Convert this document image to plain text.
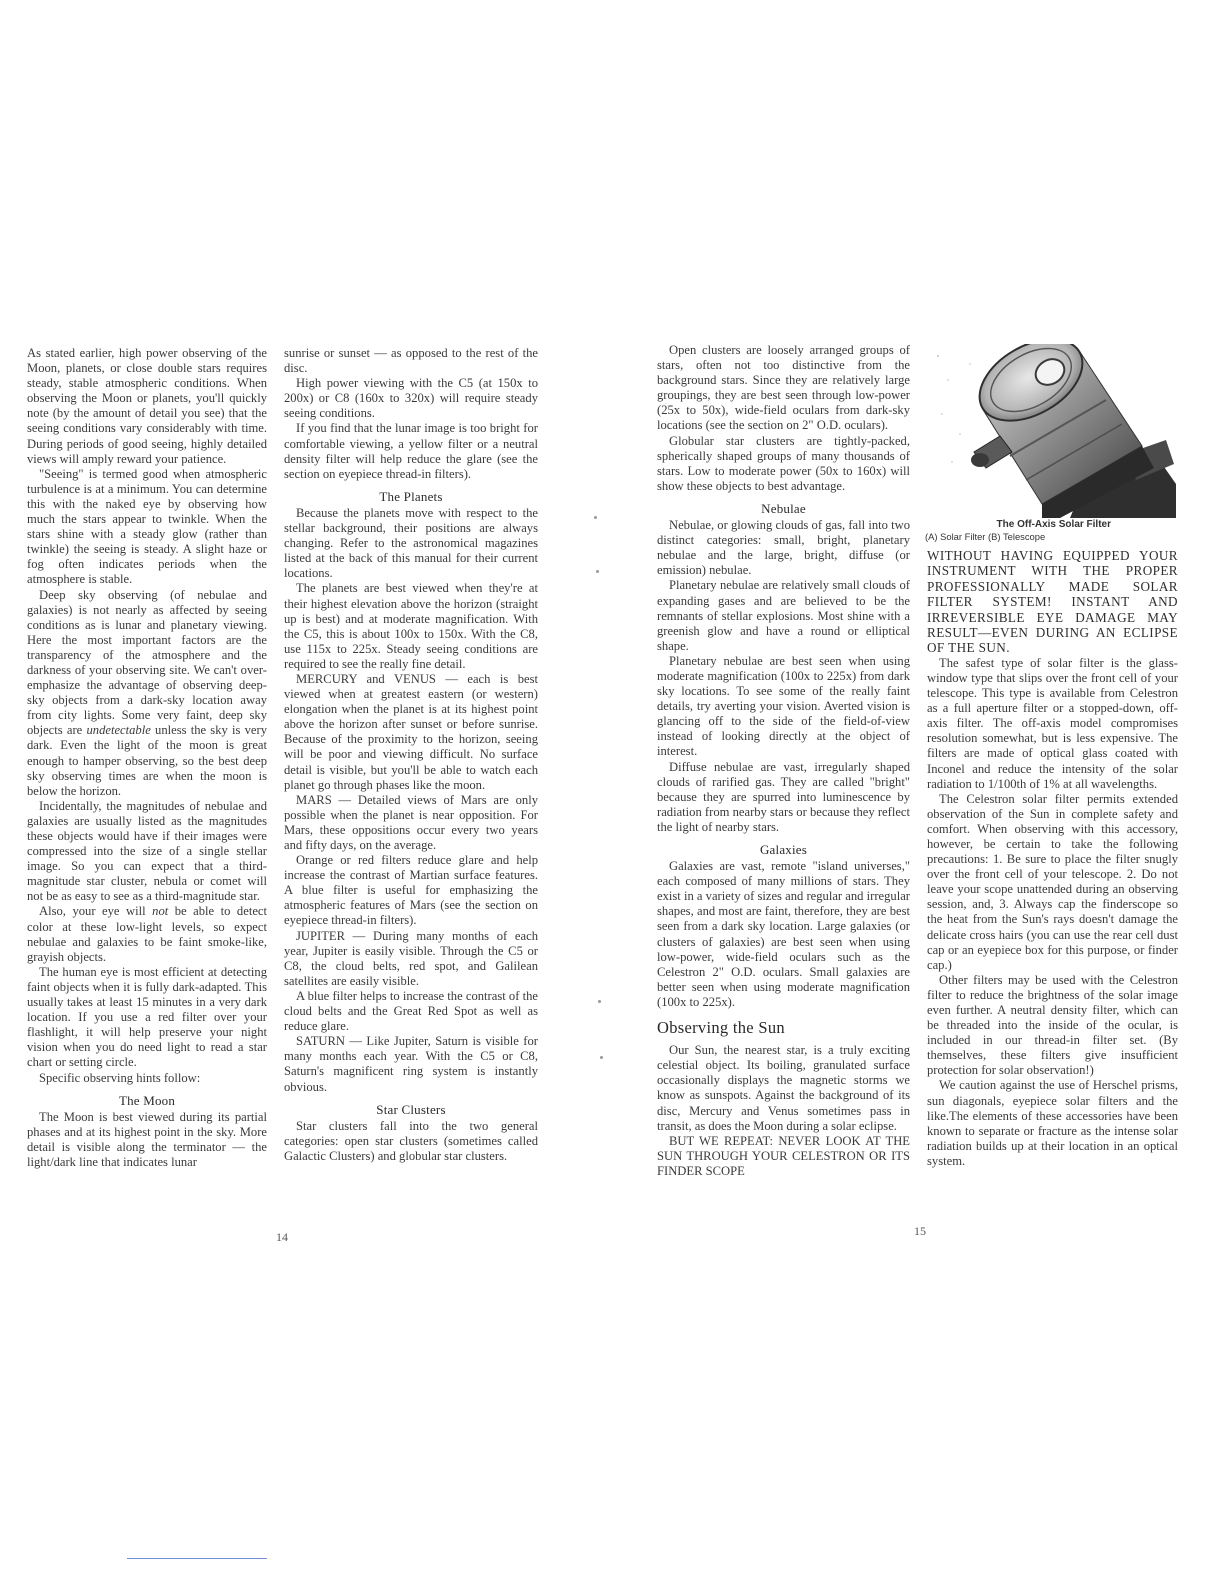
As stated earlier, high power observing of the Moon, planets, or close double stars requires steady, stable atmospheric conditions. When observing the Moon or planets, you'll quickly note (by the amount of detail you see) that the seeing conditions vary considerably with time. During periods of good seeing, highly detailed views will amply reward your patience.

"Seeing" is termed good when atmospheric turbulence is at a minimum. You can determine this with the naked eye by observing how much the stars appear to twinkle. When the stars shine with a steady glow (rather than twinkle) the seeing is steady. A slight haze or fog often indicates periods when the atmosphere is stable.

Deep sky observing (of nebulae and galaxies) is not nearly as affected by seeing conditions as is lunar and planetary viewing. Here the most important factors are the transparency of the atmosphere and the darkness of your observing site. We can't over-emphasize the advantage of observing deep-sky objects from a dark-sky location away from city lights. Some very faint, deep sky objects are undetectable unless the sky is very dark. Even the light of the moon is great enough to hamper observing, so the best deep sky observing times are when the moon is below the horizon.

Incidentally, the magnitudes of nebulae and galaxies are usually listed as the magnitudes these objects would have if their images were compressed into the size of a single stellar image. So you can expect that a third-magnitude star cluster, nebula or comet will not be as easy to see as a third-magnitude star.

Also, your eye will not be able to detect color at these low-light levels, so expect nebulae and galaxies to be faint smoke-like, grayish objects.

The human eye is most efficient at detecting faint objects when it is fully dark-adapted. This usually takes at least 15 minutes in a very dark location. If you use a red filter over your flashlight, it will help preserve your night vision when you do need light to read a star chart or setting circle.

Specific observing hints follow:

The Moon

The Moon is best viewed during its partial phases and at its highest point in the sky. More detail is visible along the terminator — the light/dark line that indicates lunar

sunrise or sunset — as opposed to the rest of the disc.

High power viewing with the C5 (at 150x to 200x) or C8 (160x to 320x) will require steady seeing conditions.

If you find that the lunar image is too bright for comfortable viewing, a yellow filter or a neutral density filter will help reduce the glare (see the section on eyepiece thread-in filters).

The Planets

Because the planets move with respect to the stellar background, their positions are always changing. Refer to the astronomical magazines listed at the back of this manual for their current locations.

The planets are best viewed when they're at their highest elevation above the horizon (straight up is best) and at moderate magnification. With the C5, this is about 100x to 150x. With the C8, use 115x to 225x. Steady seeing conditions are required to see the really fine detail.

MERCURY and VENUS — each is best viewed when at greatest eastern (or western) elongation when the planet is at its highest point above the horizon after sunset or before sunrise. Because of the proximity to the horizon, seeing will be poor and viewing difficult. No surface detail is visible, but you'll be able to watch each planet go through phases like the moon.

MARS — Detailed views of Mars are only possible when the planet is near opposition. For Mars, these oppositions occur every two years and fifty days, on the average.

Orange or red filters reduce glare and help increase the contrast of Martian surface features. A blue filter is useful for emphasizing the atmospheric features of Mars (see the section on eyepiece thread-in filters).

JUPITER — During many months of each year, Jupiter is easily visible. Through the C5 or C8, the cloud belts, red spot, and Galilean satellites are easily visible.

A blue filter helps to increase the contrast of the cloud belts and the Great Red Spot as well as reduce glare.

SATURN — Like Jupiter, Saturn is visible for many months each year. With the C5 or C8, Saturn's magnificent ring system is instantly obvious.

Star Clusters

Star clusters fall into the two general categories: open star clusters (sometimes called Galactic Clusters) and globular star clusters.

14

Open clusters are loosely arranged groups of stars, often not too distinctive from the background stars. Since they are relatively large groupings, they are best seen through low-power (25x to 50x), wide-field oculars from dark-sky locations (see the section on 2" O.D. oculars).

Globular star clusters are tightly-packed, spherically shaped groups of many thousands of stars. Low to moderate power (50x to 160x) will show these objects to best advantage.

Nebulae

Nebulae, or glowing clouds of gas, fall into two distinct categories: small, bright, planetary nebulae and the large, bright, diffuse (or emission) nebulae.

Planetary nebulae are relatively small clouds of expanding gases and are believed to be the remnants of stellar explosions. Most shine with a greenish glow and have a round or elliptical shape.

Planetary nebulae are best seen when using moderate magnification (100x to 225x) from dark sky locations. To see some of the really faint details, try averting your vision. Averted vision is glancing off to the side of the field-of-view instead of looking directly at the object of interest.

Diffuse nebulae are vast, irregularly shaped clouds of rarified gas. They are called "bright" because they are spurred into luminescence by radiation from nearby stars or because they reflect the light of nearby stars.

Galaxies

Galaxies are vast, remote "island universes," each composed of many millions of stars. They exist in a variety of sizes and regular and irregular shapes, and most are faint, therefore, they are best seen from a dark sky location. Large galaxies (or clusters of galaxies) are best seen when using low-power, wide-field oculars such as the Celestron 2" O.D. oculars. Small galaxies are better seen when using moderate magnification (100x to 225x).

Observing the Sun

Our Sun, the nearest star, is a truly exciting celestial object. Its boiling, granulated surface occasionally displays the magnetic storms we know as sunspots. Against the background of its disc, Mercury and Venus sometimes pass in transit, as does the Moon during a solar eclipse.

BUT WE REPEAT: NEVER LOOK AT THE SUN THROUGH YOUR CELESTRON OR ITS FINDER SCOPE

The Off-Axis Solar Filter
(A) Solar Filter (B) Telescope

WITHOUT HAVING EQUIPPED YOUR INSTRUMENT WITH THE PROPER PROFESSIONALLY MADE SOLAR FILTER SYSTEM! INSTANT AND IRREVERSIBLE EYE DAMAGE MAY RESULT—EVEN DURING AN ECLIPSE OF THE SUN.

The safest type of solar filter is the glass-window type that slips over the front cell of your telescope. This type is available from Celestron as a full aperture filter or a stopped-down, off-axis filter. The off-axis model compromises resolution somewhat, but is less expensive. The filters are made of optical glass coated with Inconel and reduce the intensity of the solar radiation to 1/100th of 1% at all wavelengths.

The Celestron solar filter permits extended observation of the Sun in complete safety and comfort. When observing with this accessory, however, be certain to take the following precautions: 1. Be sure to place the filter snugly over the front cell of your telescope. 2. Do not leave your scope unattended during an observing session, and, 3. Always cap the finderscope so the heat from the Sun's rays doesn't damage the delicate cross hairs (you can use the rear cell dust cap or an eyepiece box for this purpose, or finder cap.)

Other filters may be used with the Celestron filter to reduce the brightness of the solar image even further. A neutral density filter, which can be threaded into the inside of the ocular, is included in our thread-in filter set. (By themselves, these filters give insufficient protection for solar observation!)

We caution against the use of Herschel prisms, sun diagonals, eyepiece solar filters and the like.The elements of these accessories have been known to separate or fracture as the intense solar radiation builds up at their location in an optical system.

15
